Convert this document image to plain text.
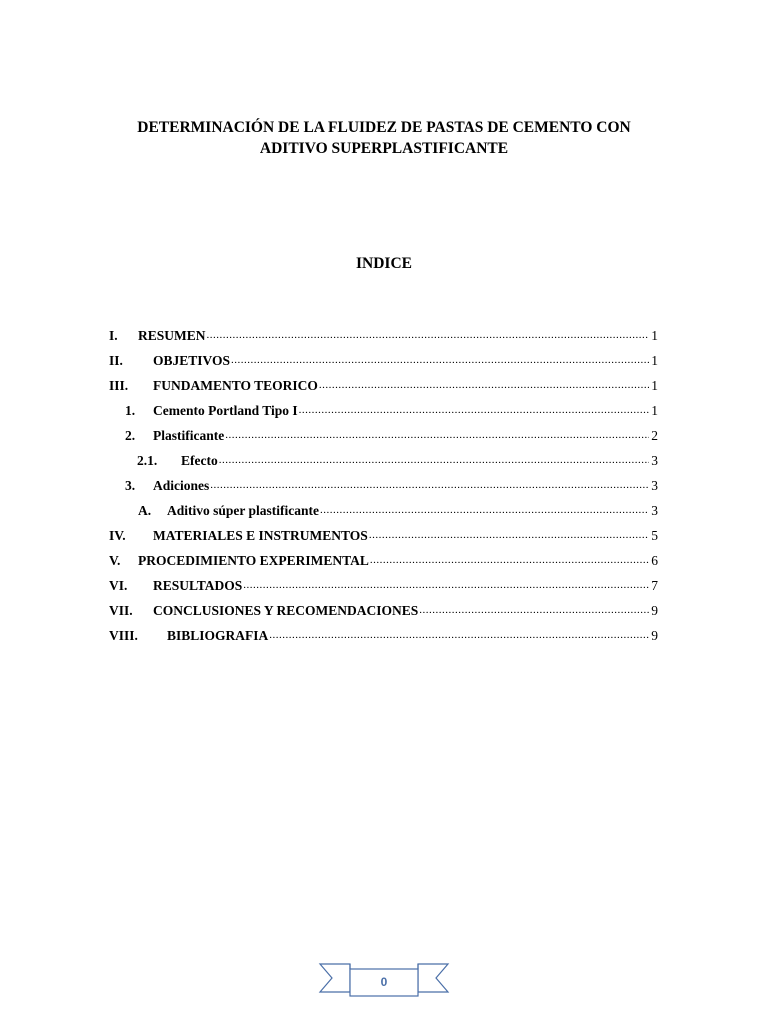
DETERMINACIÓN DE LA FLUIDEZ DE PASTAS DE CEMENTO CON
ADITIVO SUPERPLASTIFICANTE
INDICE
I.	RESUMEN .....	1
II.	OBJETIVOS .....	1
III.	FUNDAMENTO TEORICO .....	1
1.	Cemento Portland Tipo I .....	1
2.	Plastificante .....	2
2.1.	Efecto .....	3
3.	Adiciones .....	3
A.	Aditivo súper plastificante .....	3
IV.	MATERIALES E INSTRUMENTOS .....	5
V.	PROCEDIMIENTO EXPERIMENTAL .....	6
VI.	RESULTADOS .....	7
VII.	CONCLUSIONES Y RECOMENDACIONES .....	9
VIII.	BIBLIOGRAFIA .....	9
0
